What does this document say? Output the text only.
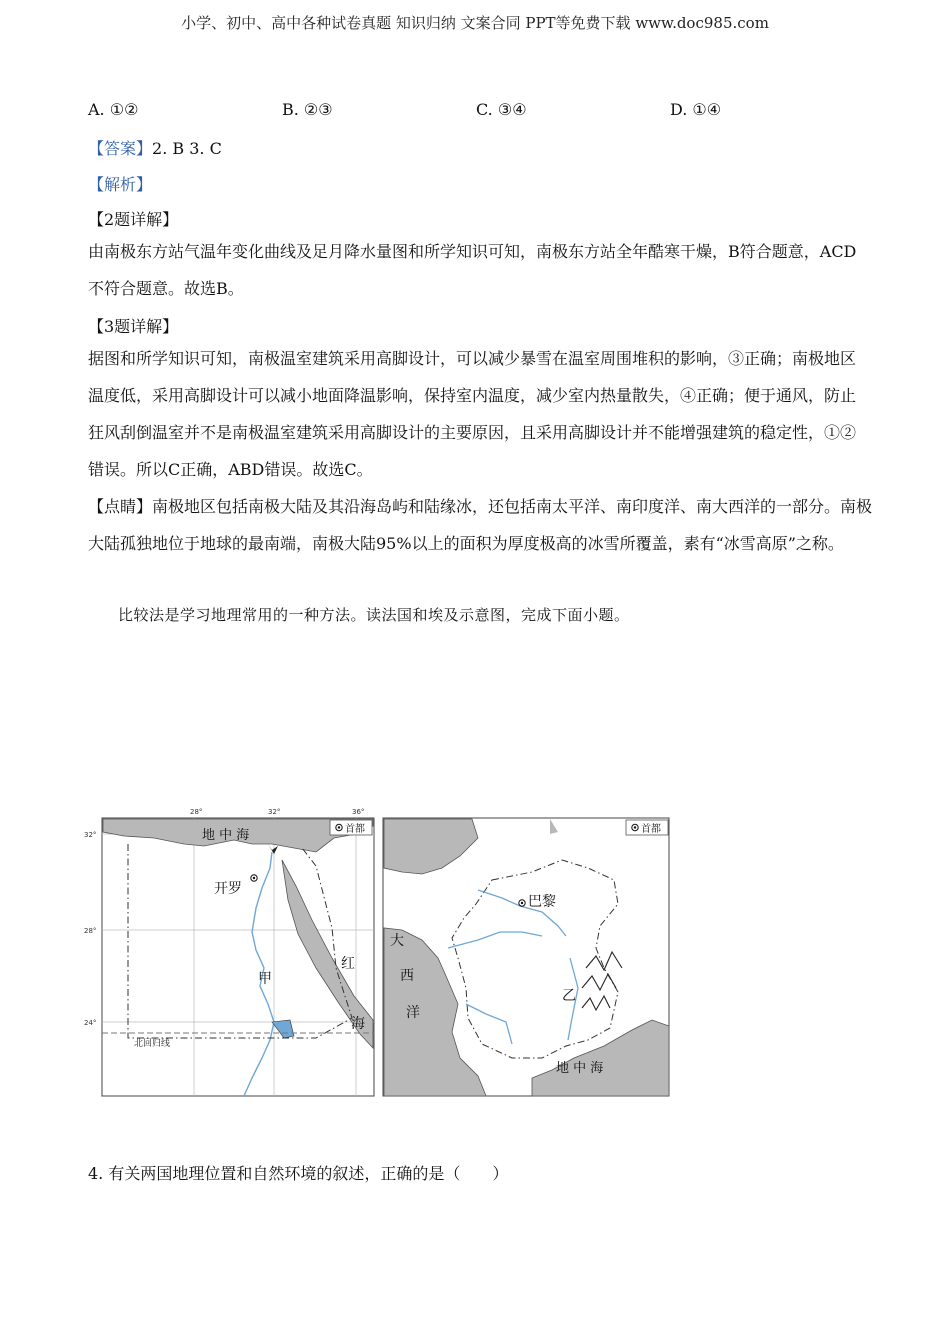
小学、初中、高中各种试卷真题 知识归纳 文案合同 PPT等免费下载 www.doc985.com
A. ①②	B. ②③	C. ③④	D. ①④
【答案】2. B 3. C
【解析】
【2题详解】
由南极东方站气温年变化曲线及足月降水量图和所学知识可知，南极东方站全年酷寒干燥，B符合题意，ACD不符合题意。故选B。
【3题详解】
据图和所学知识可知，南极温室建筑采用高脚设计，可以减少暴雪在温室周围堆积的影响，③正确；南极地区温度低，采用高脚设计可以减小地面降温影响，保持室内温度，减少室内热量散失，④正确；便于通风，防止狂风刮倒温室并不是南极温室建筑采用高脚设计的主要原因，且采用高脚设计并不能增强建筑的稳定性，①②错误。所以C正确，ABD错误。故选C。
【点睛】南极地区包括南极大陆及其沿海岛屿和陆缘冰，还包括南太平洋、南印度洋、南大西洋的一部分。南极大陆孤独地位于地球的最南端，南极大陆95%以上的面积为厚度极高的冰雪所覆盖，素有“冰雪高原”之称。
比较法是学习地理常用的一种方法。读法国和埃及示意图，完成下面小题。
28°	32°	36°
32°
28°
24°
地 中 海	首都
开罗
甲
红
海
北回归线
巴黎
首都
大
西
洋
乙
地 中 海
4. 有关两国地理位置和自然环境的叙述，正确的是（　　）
